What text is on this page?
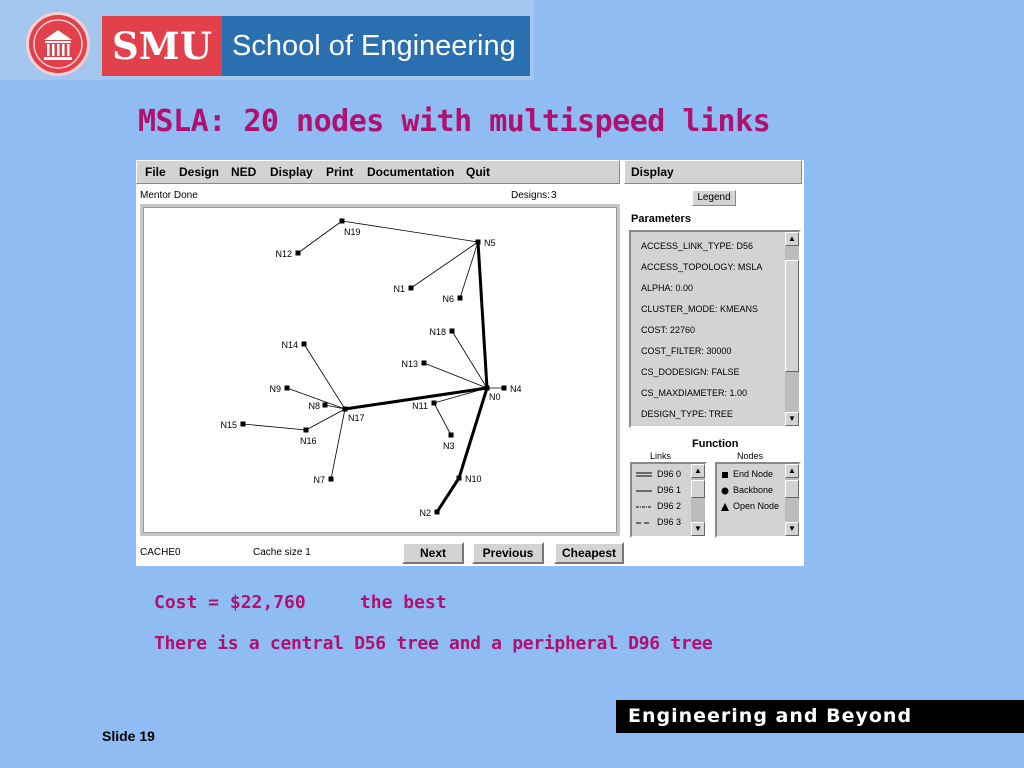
SMU School of Engineering
MSLA: 20 nodes with multispeed links
File Design NED Display Print Documentation Quit	Display
Mentor Done	Designs: 3
N19
N5
N12
N1
N6
N18
N14
N13
N0
N4
N9
N8
N17
N11
N15
N16	N3
N7	N10
N2
Legend
Parameters
ACCESS_LINK_TYPE: D56
ACCESS_TOPOLOGY: MSLA
ALPHA: 0.00
CLUSTER_MODE: KMEANS
COST: 22760
COST_FILTER: 30000
CS_DODESIGN: FALSE
CS_MAXDIAMETER: 1.00
DESIGN_TYPE: TREE
▲
▼
Function
Links	Nodes
D96 0
D96 1
D96 2
D96 3
▲
▼
End Node
Backbone
Open Node
▲
▼
CACHE0	Cache size 1	Next	Previous	Cheapest
Cost = $22,760     the best
There is a central D56 tree and a peripheral D96 tree
Engineering and Beyond
Slide 19
